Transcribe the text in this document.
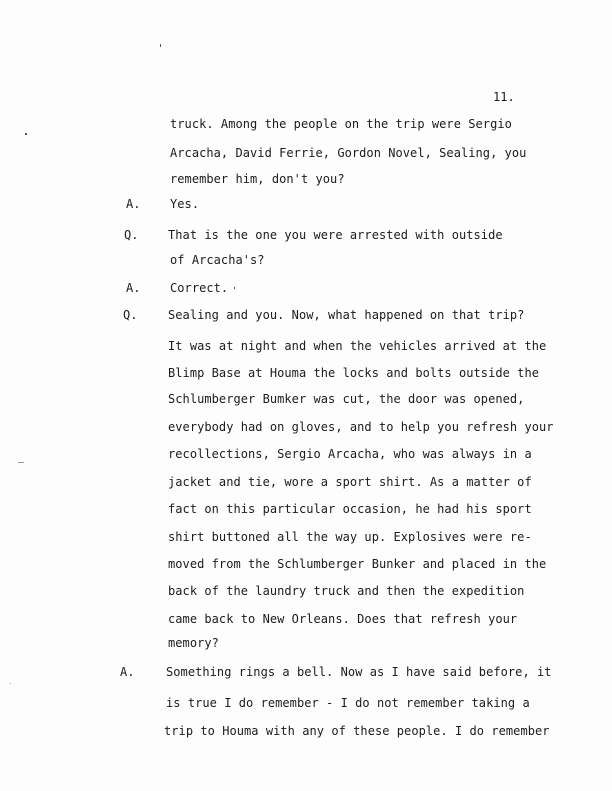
11.
truck. Among the people on the trip were Sergio
Arcacha, David Ferrie, Gordon Novel, Sealing, you
remember him, don't you?
A. Yes.
Q. That is the one you were arrested with outside
of Arcacha's?
A. Correct.
Q.	Sealing and you. Now, what happened on that trip?
It was at night and when the vehicles arrived at the
Blimp Base at Houma the locks and bolts outside the
Schlumberger Bumker was cut, the door was opened,
everybody had on gloves, and to help you refresh your
recollections, Sergio Arcacha, who was always in a
jacket and tie, wore a sport shirt. As a matter of
fact on this particular occasion, he had his sport
shirt buttoned all the way up. Explosives were re-
moved from the Schlumberger Bunker and placed in the
back of the laundry truck and then the expedition
came back to New Orleans. Does that refresh your
memory?
A.	Something rings a bell. Now as I have said before, it
is true I do remember - I do not remember taking a
trip to Houma with any of these people. I do remember
